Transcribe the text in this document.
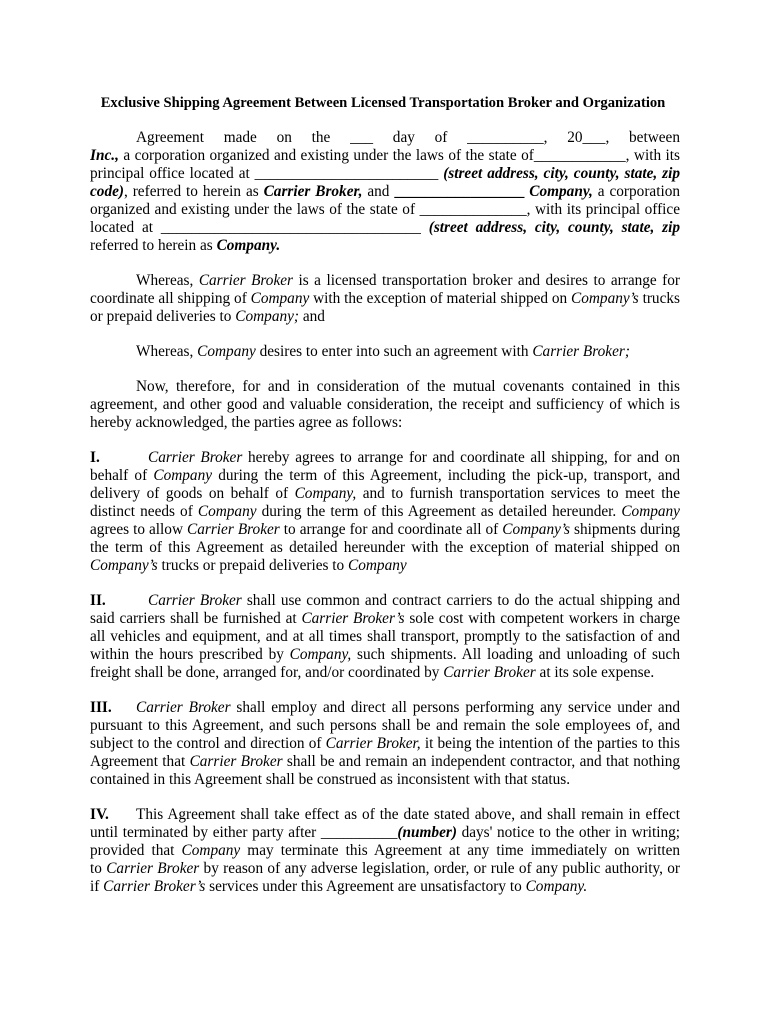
Exclusive Shipping Agreement Between Licensed Transportation Broker and Organization
Agreement made on the ___ day of __________, 20___, between
Inc., a corporation organized and existing under the laws of the state of____________, with its
principal office located at ________________________ (street address, city, county, state, zip
code), referred to herein as Carrier Broker, and _________________ Company, a corporation
organized and existing under the laws of the state of ______________, with its principal office
located at __________________________________ (street address, city, county, state, zip
referred to herein as Company.
Whereas, Carrier Broker is a licensed transportation broker and desires to arrange for
coordinate all shipping of Company with the exception of material shipped on Company’s trucks
or prepaid deliveries to Company; and
Whereas, Company desires to enter into such an agreement with Carrier Broker;
Now, therefore, for and in consideration of the mutual covenants contained in this
agreement, and other good and valuable consideration, the receipt and sufficiency of which is
hereby acknowledged, the parties agree as follows:
I.	Carrier Broker hereby agrees to arrange for and coordinate all shipping, for and on
behalf of Company during the term of this Agreement, including the pick-up, transport, and
delivery of goods on behalf of Company, and to furnish transportation services to meet the
distinct needs of Company during the term of this Agreement as detailed hereunder. Company
agrees to allow Carrier Broker to arrange for and coordinate all of Company’s shipments during
the term of this Agreement as detailed hereunder with the exception of material shipped on
Company’s trucks or prepaid deliveries to Company
II.	Carrier Broker shall use common and contract carriers to do the actual shipping and
said carriers shall be furnished at Carrier Broker’s sole cost with competent workers in charge
all vehicles and equipment, and at all times shall transport, promptly to the satisfaction of and
within the hours prescribed by Company, such shipments. All loading and unloading of such
freight shall be done, arranged for, and/or coordinated by Carrier Broker at its sole expense.
III. Carrier Broker shall employ and direct all persons performing any service under and
pursuant to this Agreement, and such persons shall be and remain the sole employees of, and
subject to the control and direction of Carrier Broker, it being the intention of the parties to this
Agreement that Carrier Broker shall be and remain an independent contractor, and that nothing
contained in this Agreement shall be construed as inconsistent with that status.
IV. This Agreement shall take effect as of the date stated above, and shall remain in effect
until terminated by either party after __________(number) days' notice to the other in writing;
provided that Company may terminate this Agreement at any time immediately on written
to Carrier Broker by reason of any adverse legislation, order, or rule of any public authority, or
if Carrier Broker’s services under this Agreement are unsatisfactory to Company.
